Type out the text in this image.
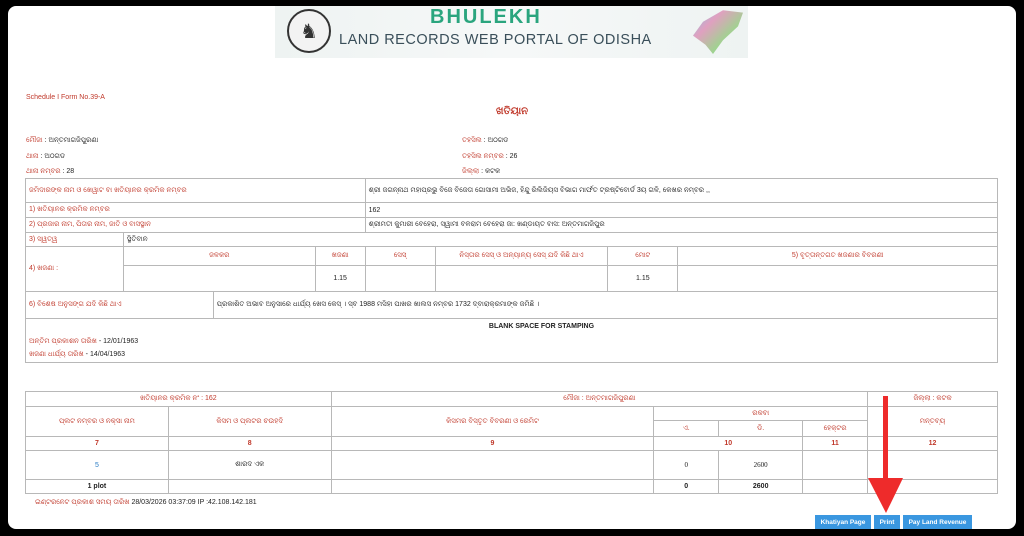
♞
BHULEKH
LAND RECORDS WEB PORTAL OF ODISHA
Schedule I Form No.39-A
ଖତିୟାନ
ମୌଜା : ଅନ୍ତମାଗଜିପୁରଣା
ଥାନା : ଅଠଗଡ
ଥାନା ନମ୍ବର : 28
ତହସିଲ : ଅଠଗଡ
ତହସିଲ ନମ୍ବର : 26
ଜିଲ୍ଲା : କଟକ
ଜମିଦାରଙ୍କ ନାମ ଓ ଖେୱାଟ ବା ଖତିୟାନର କ୍ରମିକ ନମ୍ବର				ଶ୍ରୀ ଜଗନ୍ନାଥ ମହାପ୍ରଭୁ ବିଜେ ବିଜେତା ଗୋସାମୀ ଅଭିଜ, ହିନ୍ଦୁ ରିଲିଜିୟସ ବିଭାଗ ମାର୍ଫତ ଟ୍ରଷ୍ଟିବୋର୍ଡ 3ୟ ଗଳି, କେଖର ନମ୍ବର ,,			
1) ଖତିୟାନର କ୍ରମିକ ନମ୍ବର				162			
2) ପ୍ରଜାର ନାମ, ପିତାର ନାମ, ଜାତି ଓ ବାସସ୍ଥାନ				ଶ୍ରୀମତୀ କୁମାରୀ ବେହେରା, ସ୍ୱାମୀ ବଳରାମ ବେହେରା ଜା: ଖଣ୍ଡାୟତ ବାସ: ଅନ୍ତମାଗଜିପୁର			
3) ସ୍ୱତ୍ୱ	ସ୍ଥିତିବାନ						
4) ଖଜଣା :	ଜଳକର		ଖଜଣା	ସେସ୍	ନିସ୍ତାର ସେସ୍ ଓ ଅନ୍ୟାନ୍ୟ ସେସ୍ ଯଦି କିଛି ଥାଏ	ମୋଟ	5) ବୃତ୍ତାନ୍ତଗତ ଖଜଣାର ବିବରଣୀ
			1.15			1.15	
6) ବିଶେଷ ଅନୁସଙ୍ଗ ଯଦି କିଛି ଥାଏ		ପ୍ରକାଶିତ ଅଭାବ ଅନୁସାରେ ଧାର୍ଯ୍ୟ ଖେସ କେସ୍ । ସ୍ବ 1988 ମସିହା ପାଖର ଖାଲସ ନମ୍ବର 1732 ଦ୍ବାରାକ୍ରମାଙ୍କ ଜମିଛି ।					

BLANK SPACE FOR STAMPING
ଅନ୍ତିମ ପ୍ରକାଶନ ତାରିଖ - 12/01/1963
ଖଜଣା ଧାର୍ଯ୍ୟ ତାରିଖ - 14/04/1963							
ଖତିୟାନର କ୍ରମିକ ନଂ : 162		ମୌଜା : ଅନ୍ତମାଗଜିପୁରଣା				ଜିଲ୍ଲା : କଟକ
ପ୍ଲଟ ନମ୍ବର ଓ ନକ୍ସା ନାମ	କିସମ ଓ ପ୍ଲଟର ଚଉହଦି	କିସମର ବିସ୍ତୃତ ବିବରଣୀ ଓ ରେମିଟ	ରକବା			ମନ୍ତବ୍ୟ
			ଏ.	ଡି.	ହେକ୍ଟର	
7	8	9	10		11	12
5	ଶାରଦ ଏକ		0	2600		
1 plot			0	2600		
ଇଣ୍ଟରନେଟ ପ୍ରକାଶ ସମୟ ତାରିଖ 28/03/2026 03:37:09 IP :42.108.142.181
Khatiyan Page	Print	Pay Land Revenue
